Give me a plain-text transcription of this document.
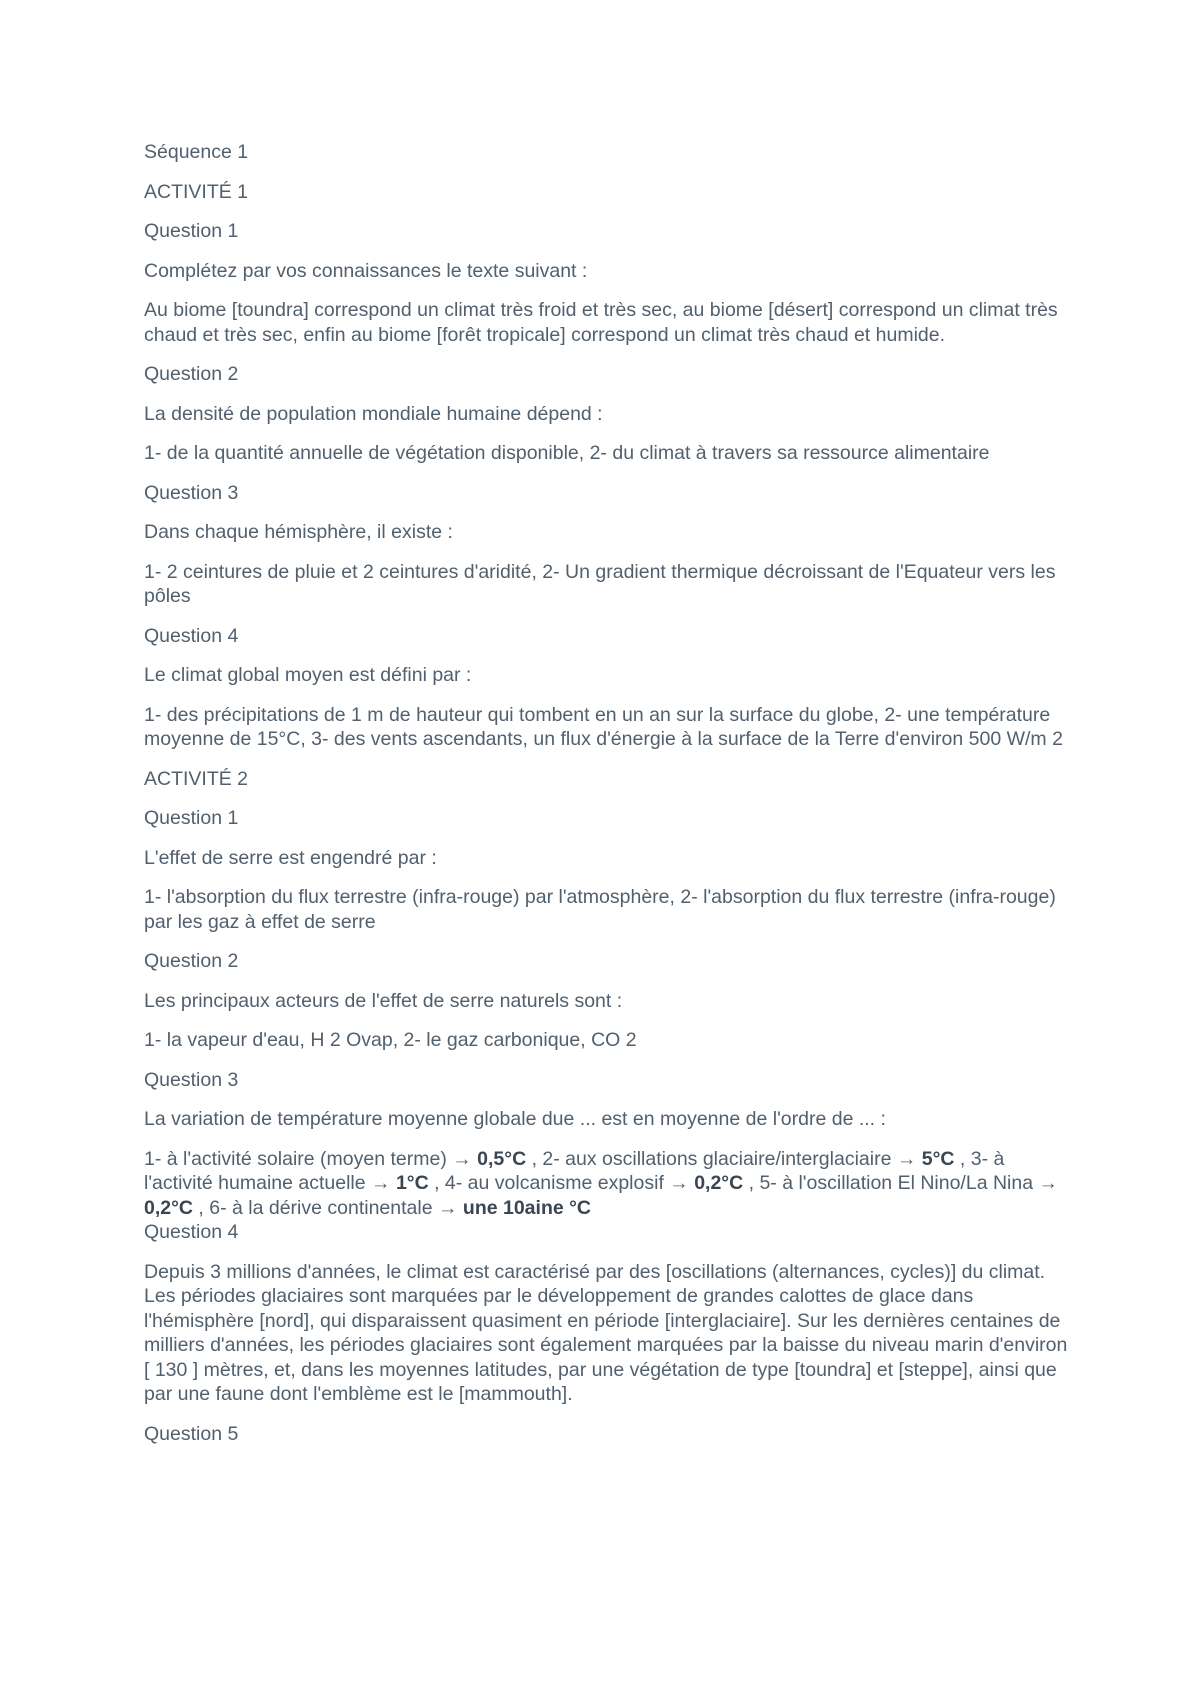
Séquence 1

ACTIVITÉ 1

Question 1

Complétez par vos connaissances le texte suivant :

Au biome [toundra] correspond un climat très froid et très sec, au biome [désert] correspond un climat très chaud et très sec, enfin au biome [forêt tropicale] correspond un climat très chaud et humide.

Question 2

La densité de population mondiale humaine dépend :

1- de la quantité annuelle de végétation disponible, 2- du climat à travers sa ressource alimentaire

Question 3

Dans chaque hémisphère, il existe :

1- 2 ceintures de pluie et 2 ceintures d'aridité, 2- Un gradient thermique décroissant de l'Equateur vers les pôles

Question 4

Le climat global moyen est défini par :

1- des précipitations de 1 m de hauteur qui tombent en un an sur la surface du globe, 2- une température moyenne de 15°C, 3- des vents ascendants, un flux d'énergie à la surface de la Terre d'environ 500 W/m 2

ACTIVITÉ 2

Question 1

L'effet de serre est engendré par :

1- l'absorption du flux terrestre (infra-rouge) par l'atmosphère, 2- l'absorption du flux terrestre (infra-rouge) par les gaz à effet de serre

Question 2

Les principaux acteurs de l'effet de serre naturels sont :

1- la vapeur d'eau, H 2 Ovap, 2- le gaz carbonique, CO 2

Question 3

La variation de température moyenne globale due ... est en moyenne de l'ordre de ... :

1- à l'activité solaire (moyen terme) → 0,5°C , 2- aux oscillations glaciaire/interglaciaire → 5°C , 3- à l'activité humaine actuelle → 1°C , 4- au volcanisme explosif → 0,2°C , 5- à l'oscillation El Nino/La Nina → 0,2°C , 6- à la dérive continentale → une 10aine °C

Question 4

Depuis 3 millions d'années, le climat est caractérisé par des [oscillations (alternances, cycles)] du climat. Les périodes glaciaires sont marquées par le développement de grandes calottes de glace dans l'hémisphère [nord], qui disparaissent quasiment en période [interglaciaire]. Sur les dernières centaines de milliers d'années, les périodes glaciaires sont également marquées par la baisse du niveau marin d'environ [ 130 ] mètres, et, dans les moyennes latitudes, par une végétation de type [toundra] et [steppe], ainsi que par une faune dont l'emblème est le [mammouth].

Question 5
